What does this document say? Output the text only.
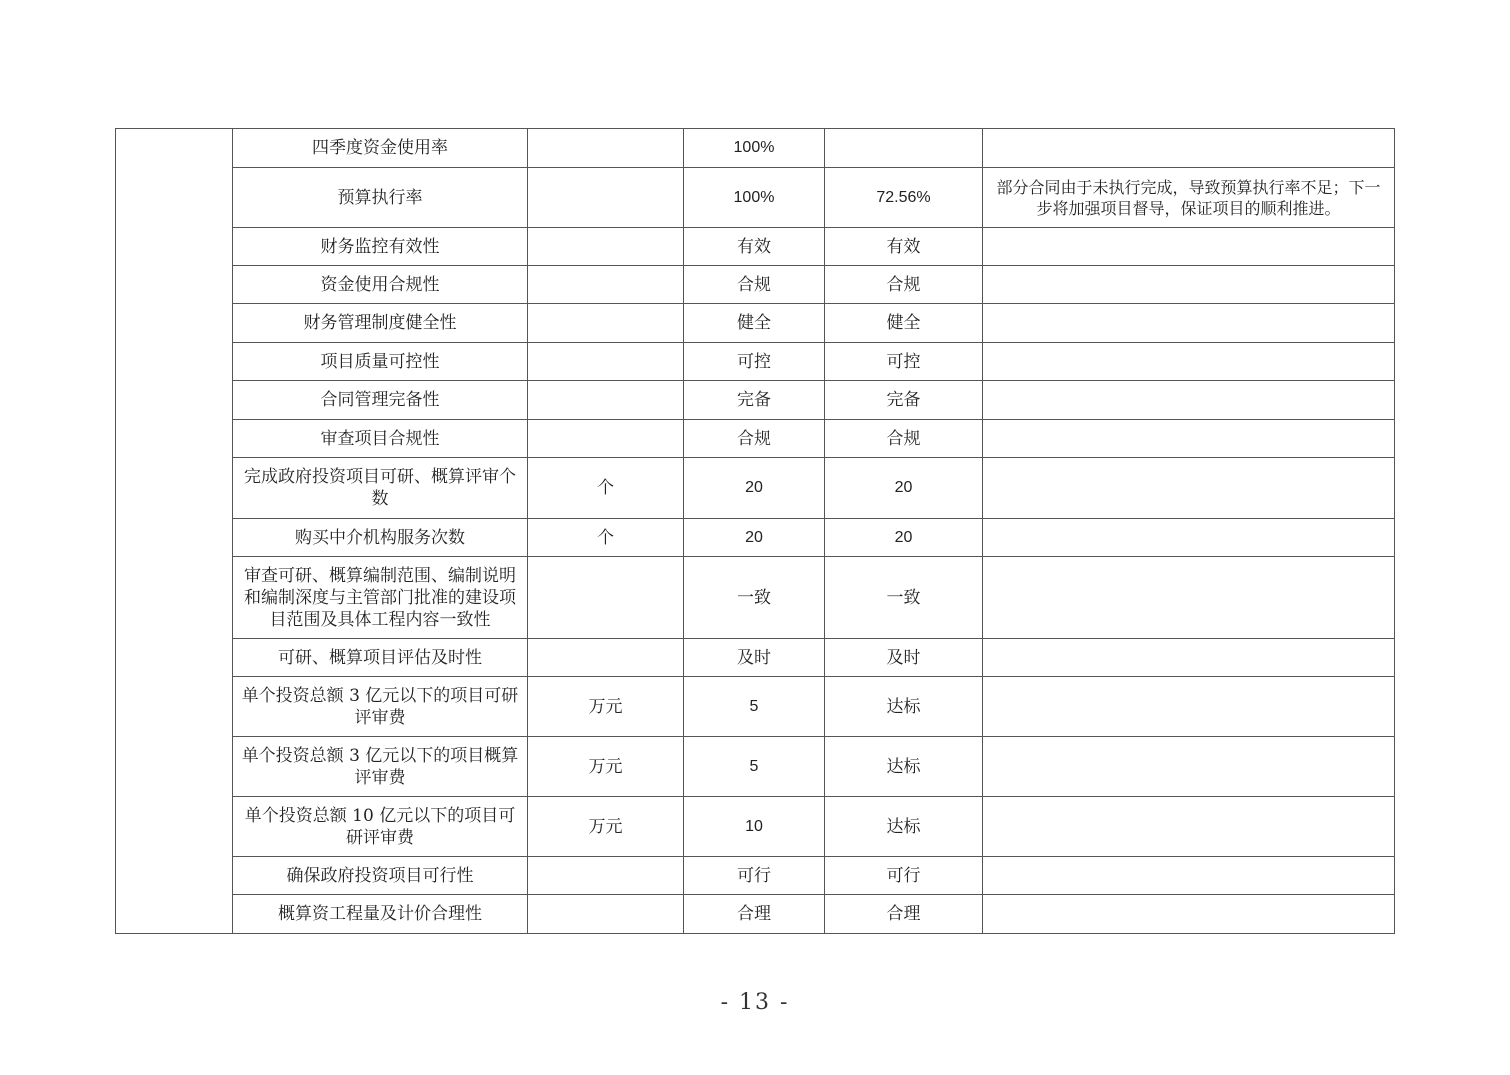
	四季度资金使用率		100%		
	预算执行率		100%	72.56%	部分合同由于未执行完成，导致预算执行率不足；下一步将加强项目督导，保证项目的顺利推进。
	财务监控有效性		有效	有效	
	资金使用合规性		合规	合规	
	财务管理制度健全性		健全	健全	
	项目质量可控性		可控	可控	
	合同管理完备性		完备	完备	
	审查项目合规性		合规	合规	
	完成政府投资项目可研、概算评审个数	个	20	20	
	购买中介机构服务次数	个	20	20	
	审查可研、概算编制范围、编制说明和编制深度与主管部门批准的建设项目范围及具体工程内容一致性		一致	一致	
	可研、概算项目评估及时性		及时	及时	
	单个投资总额 3 亿元以下的项目可研评审费	万元	5	达标	
	单个投资总额 3 亿元以下的项目概算评审费	万元	5	达标	
	单个投资总额 10 亿元以下的项目可研评审费	万元	10	达标	
	确保政府投资项目可行性		可行	可行	
	概算资工程量及计价合理性		合理	合理	
- 13 -
